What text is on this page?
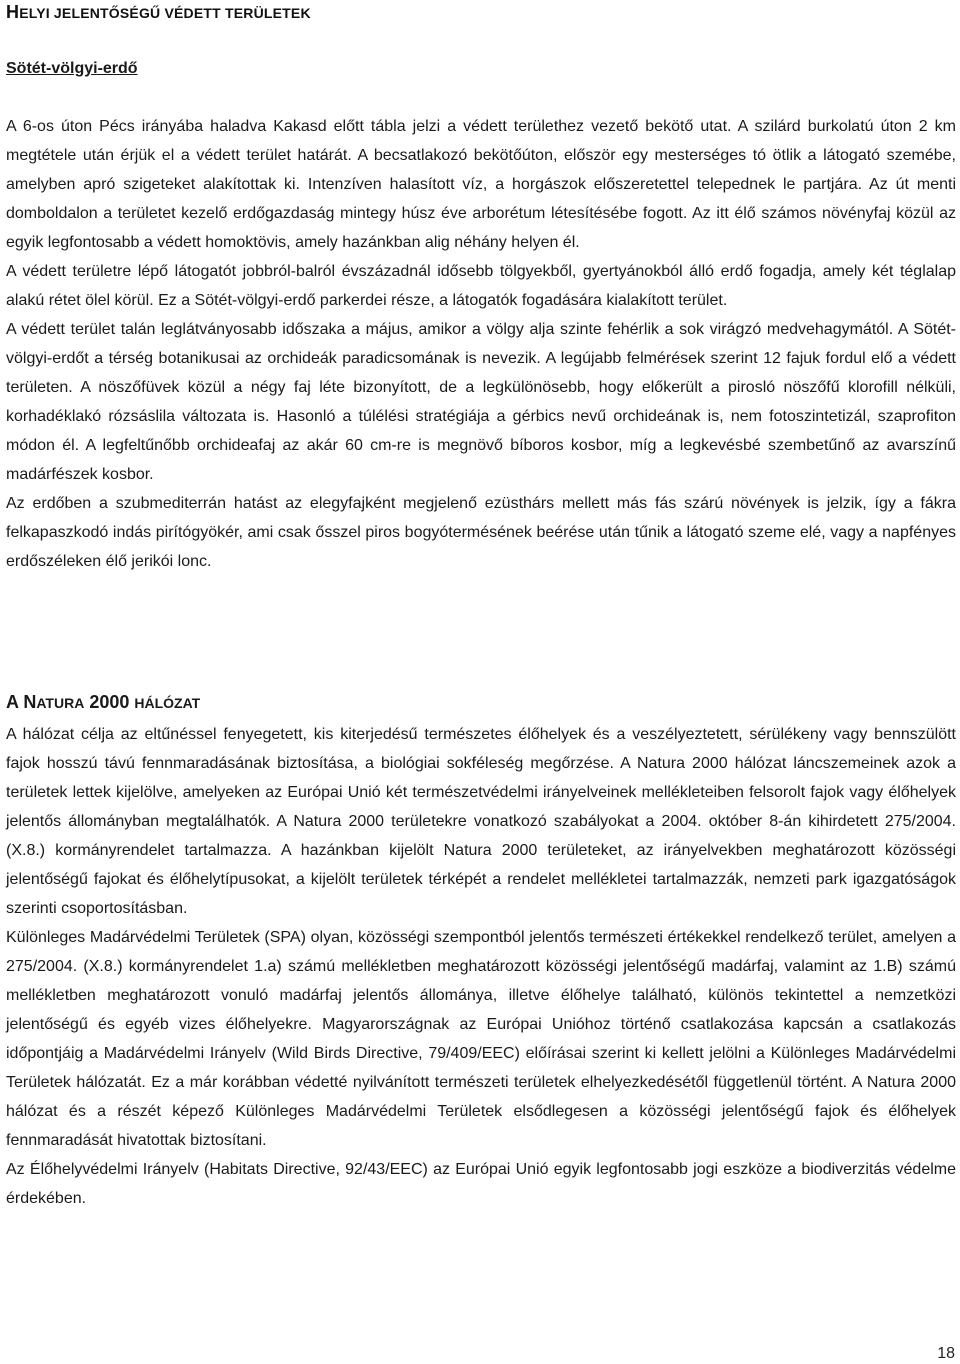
HELYI JELENTŐSÉGŰ VÉDETT TERÜLETEK
Sötét-völgyi-erdő

A 6-os úton Pécs irányába haladva Kakasd előtt tábla jelzi a védett területhez vezető bekötő utat. A szilárd burkolatú úton 2 km megtétele után érjük el a védett terület határát. A becsatlakozó bekötőúton, először egy mesterséges tó ötlik a látogató szemébe, amelyben apró szigeteket alakítottak ki. Intenzíven halasított víz, a horgászok előszeretettel telepednek le partjára. Az út menti domboldalon a területet kezelő erdőgazdaság mintegy húsz éve arborétum létesítésébe fogott. Az itt élő számos növényfaj közül az egyik legfontosabb a védett homoktövis, amely hazánkban alig néhány helyen él.

A védett területre lépő látogatót jobbról-balról évszázadnál idősebb tölgyekből, gyertyánokból álló erdő fogadja, amely két téglalap alakú rétet ölel körül. Ez a Sötét-völgyi-erdő parkerdei része, a látogatók fogadására kialakított terület.

A védett terület talán leglátványosabb időszaka a május, amikor a völgy alja szinte fehérlik a sok virágzó medvehagymától. A Sötét-völgyi-erdőt a térség botanikusai az orchideák paradicsomának is nevezik. A legújabb felmérések szerint 12 fajuk fordul elő a védett területen. A nöszőfüvek közül a négy faj léte bizonyított, de a legkülönösebb, hogy előkerült a pirosló nöszőfű klorofill nélküli, korhadéklakó rózsáslila változata is. Hasonló a túlélési stratégiája a gérbics nevű orchideának is, nem fotoszintetizál, szaprofiton módon él. A legfeltűnőbb orchideafaj az akár 60 cm-re is megnövő bíboros kosbor, míg a legkevésbé szembetűnő az avarszínű madárfészek kosbor.

Az erdőben a szubmediterrán hatást az elegyfajként megjelenő ezüsthárs mellett más fás szárú növények is jelzik, így a fákra felkapaszkodó indás pirítógyökér, ami csak ősszel piros bogyótermésének beérése után tűnik a látogató szeme elé, vagy a napfényes erdőszéleken élő jerikói lonc.

A NATURA 2000 HÁLÓZAT

A hálózat célja az eltűnéssel fenyegetett, kis kiterjedésű természetes élőhelyek és a veszélyeztetett, sérülékeny vagy bennszülött fajok hosszú távú fennmaradásának biztosítása, a biológiai sokféleség megőrzése. A Natura 2000 hálózat láncszemeinek azok a területek lettek kijelölve, amelyeken az Európai Unió két természetvédelmi irányelveinek mellékleteiben felsorolt fajok vagy élőhelyek jelentős állományban megtalálhatók. A Natura 2000 területekre vonatkozó szabályokat a 2004. október 8-án kihirdetett 275/2004. (X.8.) kormányrendelet tartalmazza. A hazánkban kijelölt Natura 2000 területeket, az irányelvekben meghatározott közösségi jelentőségű fajokat és élőhelytípusokat, a kijelölt területek térképét a rendelet mellékletei tartalmazzák, nemzeti park igazgatóságok szerinti csoportosításban.

Különleges Madárvédelmi Területek (SPA) olyan, közösségi szempontból jelentős természeti értékekkel rendelkező terület, amelyen a 275/2004. (X.8.) kormányrendelet 1.a) számú mellékletben meghatározott közösségi jelentőségű madárfaj, valamint az 1.B) számú mellékletben meghatározott vonuló madárfaj jelentős állománya, illetve élőhelye található, különös tekintettel a nemzetközi jelentőségű és egyéb vizes élőhelyekre. Magyarországnak az Európai Unióhoz történő csatlakozása kapcsán a csatlakozás időpontjáig a Madárvédelmi Irányelv (Wild Birds Directive, 79/409/EEC) előírásai szerint ki kellett jelölni a Különleges Madárvédelmi Területek hálózatát. Ez a már korábban védetté nyilvánított természeti területek elhelyezkedésétől függetlenül történt. A Natura 2000 hálózat és a részét képező Különleges Madárvédelmi Területek elsődlegesen a közösségi jelentőségű fajok és élőhelyek fennmaradását hivatottak biztosítani.

Az Élőhelyvédelmi Irányelv (Habitats Directive, 92/43/EEC) az Európai Unió egyik legfontosabb jogi eszköze a biodiverzitás védelme érdekében.

18
